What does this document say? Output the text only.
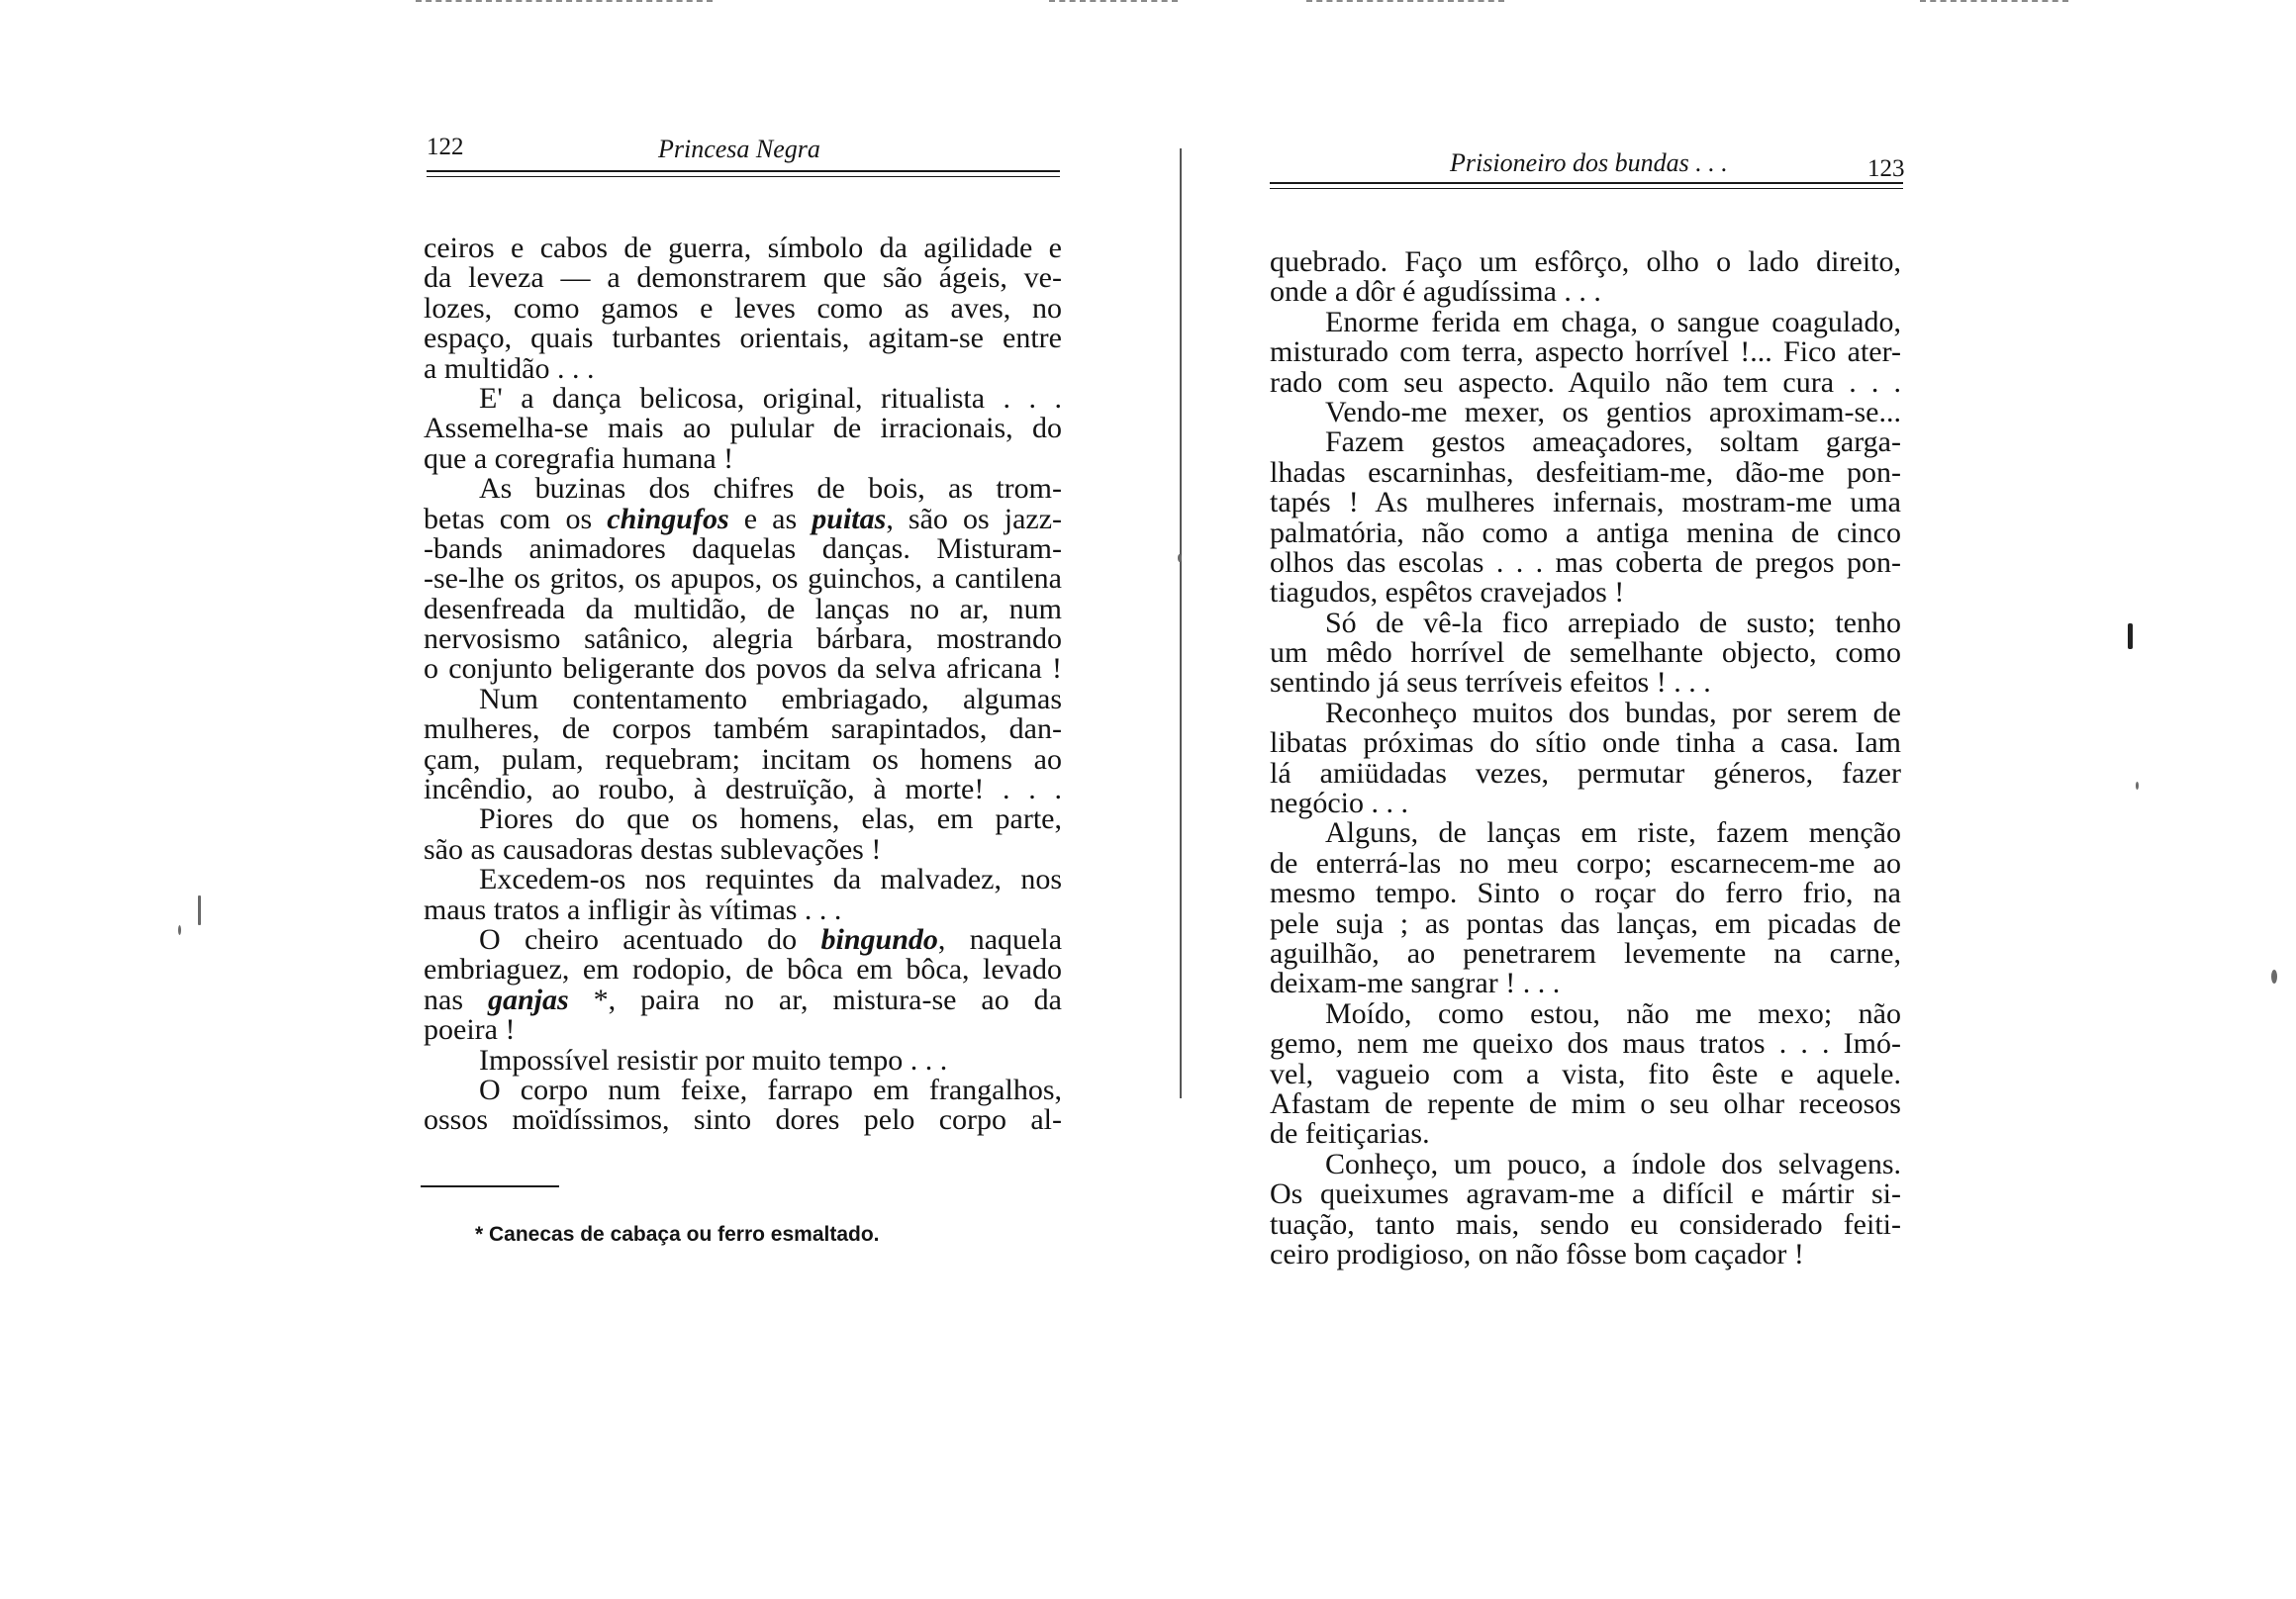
122	Princesa Negra
ceiros e cabos de guerra, símbolo da agilidade e
da leveza — a demonstrarem que são ágeis, ve-
lozes, como gamos e leves como as aves, no
espaço, quais turbantes orientais, agitam-se entre
a multidão . . .
E' a dança belicosa, original, ritualista . . .
Assemelha-se mais ao pulular de irracionais, do
que a coregrafia humana !
As buzinas dos chifres de bois, as trom-
betas com os chingufos e as puitas, são os jazz-
-bands animadores daquelas danças. Misturam-
-se-lhe os gritos, os apupos, os guinchos, a cantilena
desenfreada da multidão, de lanças no ar, num
nervosismo satânico, alegria bárbara, mostrando
o conjunto beligerante dos povos da selva africana !
Num contentamento embriagado, algumas
mulheres, de corpos também sarapintados, dan-
çam, pulam, requebram; incitam os homens ao
incêndio, ao roubo, à destruïção, à morte! . . .
Piores do que os homens, elas, em parte,
são as causadoras destas sublevações !
Excedem-os nos requintes da malvadez, nos
maus tratos a infligir às vítimas . . .
O cheiro acentuado do bingundo, naquela
embriaguez, em rodopio, de bôca em bôca, levado
nas ganjas *, paira no ar, mistura-se ao da
poeira !
Impossível resistir por muito tempo . . .
O corpo num feixe, farrapo em frangalhos,
ossos moïdíssimos, sinto dores pelo corpo al-
* Canecas de cabaça ou ferro esmaltado.
Prisioneiro dos bundas . . .	123
quebrado. Faço um esfôrço, olho o lado direito,
onde a dôr é agudíssima . . .
Enorme ferida em chaga, o sangue coagulado,
misturado com terra, aspecto horrível !... Fico ater-
rado com seu aspecto. Aquilo não tem cura . . .
Vendo-me mexer, os gentios aproximam-se...
Fazem gestos ameaçadores, soltam garga-
lhadas escarninhas, desfeitiam-me, dão-me pon-
tapés ! As mulheres infernais, mostram-me uma
palmatória, não como a antiga menina de cinco
olhos das escolas . . . mas coberta de pregos pon-
tiagudos, espêtos cravejados !
Só de vê-la fico arrepiado de susto; tenho
um mêdo horrível de semelhante objecto, como
sentindo já seus terríveis efeitos ! . . .
Reconheço muitos dos bundas, por serem de
libatas próximas do sítio onde tinha a casa. Iam
lá amiüdadas vezes, permutar géneros, fazer
negócio . . .
Alguns, de lanças em riste, fazem menção
de enterrá-las no meu corpo; escarnecem-me ao
mesmo tempo. Sinto o roçar do ferro frio, na
pele suja ; as pontas das lanças, em picadas de
aguilhão, ao penetrarem levemente na carne,
deixam-me sangrar ! . . .
Moído, como estou, não me mexo; não
gemo, nem me queixo dos maus tratos . . . Imó-
vel, vagueio com a vista, fito êste e aquele.
Afastam de repente de mim o seu olhar receosos
de feitiçarias.
Conheço, um pouco, a índole dos selvagens.
Os queixumes agravam-me a difícil e mártir si-
tuação, tanto mais, sendo eu considerado feiti-
ceiro prodigioso, on não fôsse bom caçador !
